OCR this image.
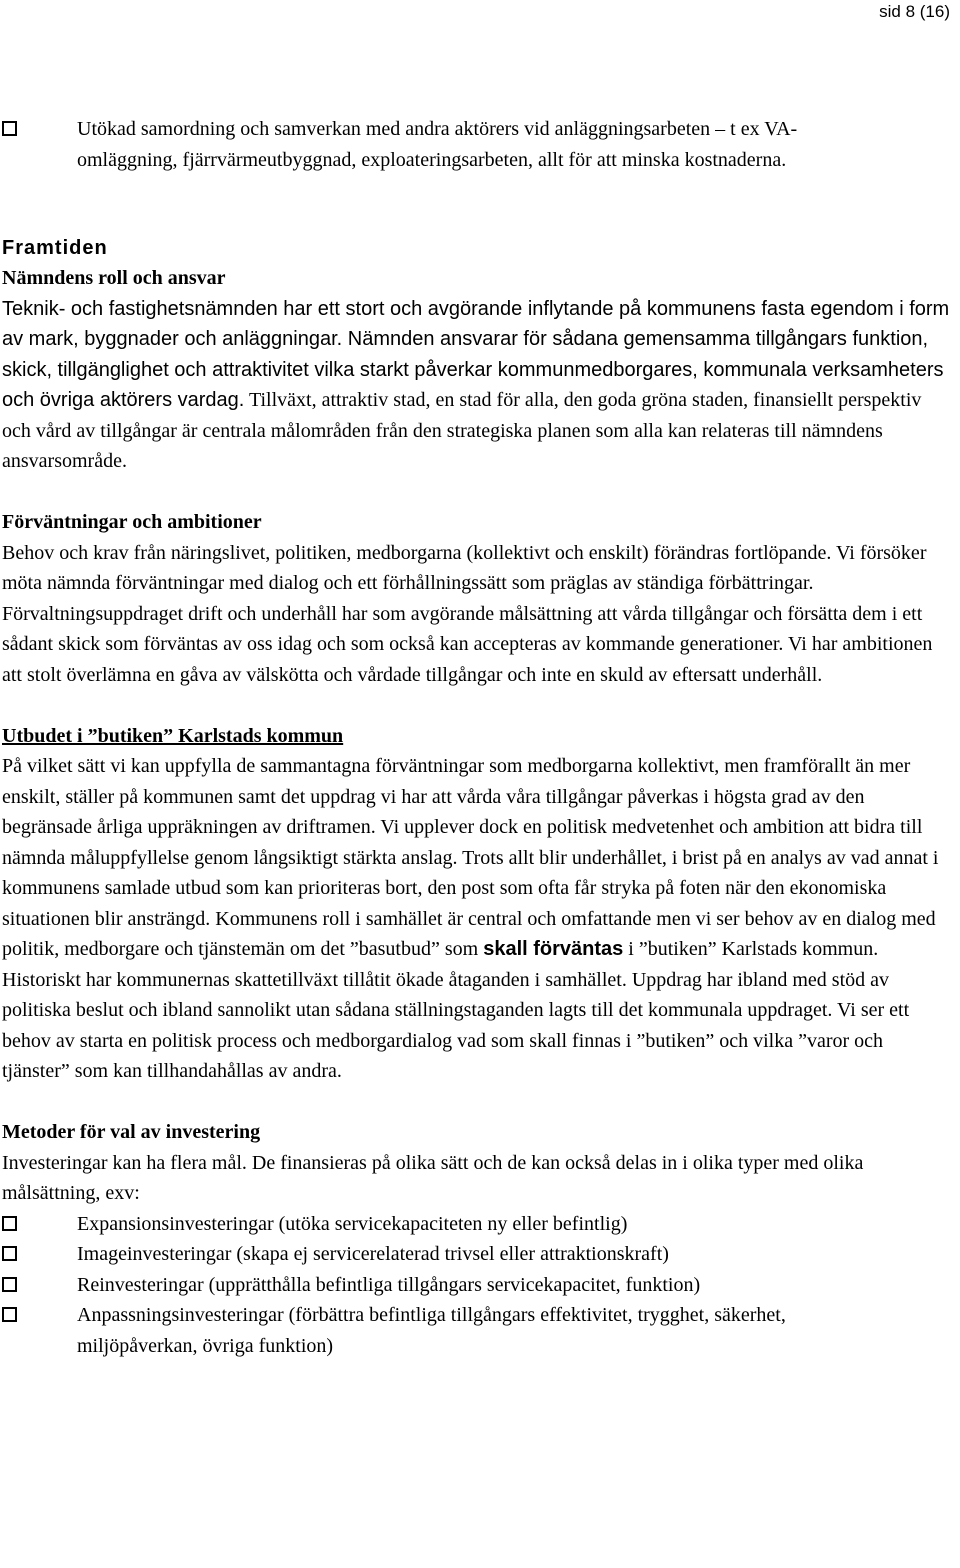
sid 8 (16)
Utökad samordning och samverkan med andra aktörers vid anläggningsarbeten – t ex VA-omläggning, fjärrvärmeutbyggnad, exploateringsarbeten, allt för att minska kostnaderna.

Framtiden

Nämndens roll och ansvar

Teknik- och fastighetsnämnden har ett stort och avgörande inflytande på kommunens fasta egendom i form av mark, byggnader och anläggningar. Nämnden ansvarar för sådana gemensamma tillgångars funktion, skick, tillgänglighet och attraktivitet vilka starkt påverkar kommunmedborgares, kommunala verksamheters och övriga aktörers vardag. Tillväxt, attraktiv stad, en stad för alla, den goda gröna staden, finansiellt perspektiv och vård av tillgångar är centrala målområden från den strategiska planen som alla kan relateras till nämndens ansvarsområde.

Förväntningar och ambitioner

Behov och krav från näringslivet, politiken, medborgarna (kollektivt och enskilt) förändras fortlöpande. Vi försöker möta nämnda förväntningar med dialog och ett förhållningssätt som präglas av ständiga förbättringar. Förvaltningsuppdraget drift och underhåll har som avgörande målsättning att vårda tillgångar och försätta dem i ett sådant skick som förväntas av oss idag och som också kan accepteras av kommande generationer. Vi har ambitionen att stolt överlämna en gåva av välskötta och vårdade tillgångar och inte en skuld av eftersatt underhåll.

Utbudet i ”butiken” Karlstads kommun

På vilket sätt vi kan uppfylla de sammantagna förväntningar som medborgarna kollektivt, men framförallt än mer enskilt, ställer på kommunen samt det uppdrag vi har att vårda våra tillgångar påverkas i högsta grad av den begränsade årliga uppräkningen av driftramen. Vi upplever dock en politisk medvetenhet och ambition att bidra till nämnda måluppfyllelse genom långsiktigt stärkta anslag. Trots allt blir underhållet, i brist på en analys av vad annat i kommunens samlade utbud som kan prioriteras bort, den post som ofta får stryka på foten när den ekonomiska situationen blir ansträngd. Kommunens roll i samhället är central och omfattande men vi ser behov av en dialog med politik, medborgare och tjänstemän om det ”basutbud” som skall förväntas i ”butiken” Karlstads kommun. Historiskt har kommunernas skattetillväxt tillåtit ökade åtaganden i samhället. Uppdrag har ibland med stöd av politiska beslut och ibland sannolikt utan sådana ställningstaganden lagts till det kommunala uppdraget. Vi ser ett behov av starta en politisk process och medborgardialog vad som skall finnas i ”butiken” och vilka ”varor och tjänster” som kan tillhandahållas av andra.

Metoder för val av investering

Investeringar kan ha flera mål. De finansieras på olika sätt och de kan också delas in i olika typer med olika målsättning, exv:

Expansionsinvesteringar (utöka servicekapaciteten ny eller befintlig)
Imageinvesteringar (skapa ej servicerelaterad trivsel eller attraktionskraft)
Reinvesteringar (upprätthålla befintliga tillgångars servicekapacitet, funktion)
Anpassningsinvesteringar (förbättra befintliga tillgångars effektivitet, trygghet, säkerhet, miljöpåverkan, övriga funktion)
